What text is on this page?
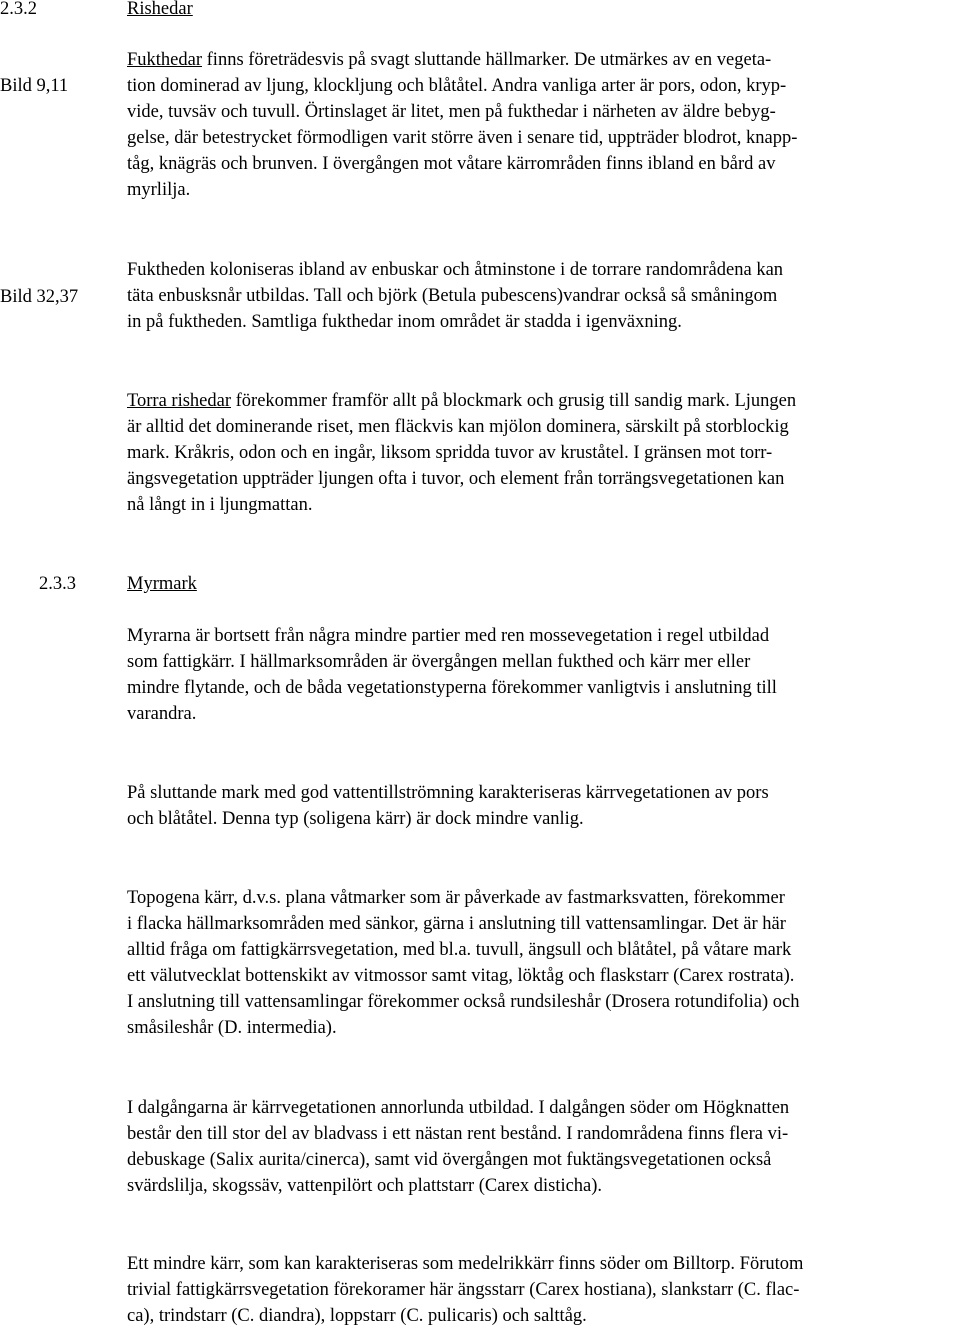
2.3.2	Rishedar
Bild 9,11
Fukthedar finns företrädesvis på svagt sluttande hällmarker. De utmärkes av en vegeta-
tion dominerad av ljung, klockljung och blåtåtel. Andra vanliga arter är pors, odon, kryp-
vide, tuvsäv och tuvull. Örtinslaget är litet, men på fukthedar i närheten av äldre bebyg-
gelse, där betestrycket förmodligen varit större även i senare tid, uppträder blodrot, knapp-
tåg, knägräs och brunven. I övergången mot våtare kärrområden finns ibland en bård av
myrlilja.
Bild 32,37
Fuktheden koloniseras ibland av enbuskar och åtminstone i de torrare randområdena kan
täta enbusksnår utbildas. Tall och björk (Betula pubescens)vandrar också så småningom
in på fuktheden. Samtliga fukthedar inom området är stadda i igenväxning.
Torra rishedar förekommer framför allt på blockmark och grusig till sandig mark. Ljungen
är alltid det dominerande riset, men fläckvis kan mjölon dominera, särskilt på storblockig
mark. Kråkris, odon och en ingår, liksom spridda tuvor av kruståtel. I gränsen mot torr-
ängsvegetation uppträder ljungen ofta i tuvor, och element från torrängsvegetationen kan
nå långt in i ljungmattan.
2.3.3	Myrmark
Myrarna är bortsett från några mindre partier med ren mossevegetation i regel utbildad
som fattigkärr. I hällmarksområden är övergången mellan fukthed och kärr mer eller
mindre flytande, och de båda vegetationstyperna förekommer vanligtvis i anslutning till
varandra.
På sluttande mark med god vattentillströmning karakteriseras kärrvegetationen av pors
och blåtåtel. Denna typ (soligena kärr) är dock mindre vanlig.
Topogena kärr, d.v.s. plana våtmarker som är påverkade av fastmarksvatten, förekommer
i flacka hällmarksområden med sänkor, gärna i anslutning till vattensamlingar. Det är här
alltid fråga om fattigkärrsvegetation, med bl.a. tuvull, ängsull och blåtåtel, på våtare mark
ett välutvecklat bottenskikt av vitmossor samt vitag, löktåg och flaskstarr (Carex rostrata).
I anslutning till vattensamlingar förekommer också rundsileshår (Drosera rotundifolia) och
småsileshår (D. intermedia).
I dalgångarna är kärrvegetationen annorlunda utbildad. I dalgången söder om Högknatten
består den till stor del av bladvass i ett nästan rent bestånd. I randområdena finns flera vi-
debuskage (Salix aurita/cinerca), samt vid övergången mot fuktängsvegetationen också
svärdslilja, skogssäv, vattenpilört och plattstarr (Carex disticha).
Ett mindre kärr, som kan karakteriseras som medelrikkärr finns söder om Billtorp. Förutom
trivial fattigkärrsvegetation förekoramer här ängsstarr (Carex hostiana), slankstarr (C. flac-
ca), trindstarr (C. diandra), loppstarr (C. pulicaris) och salttåg.
